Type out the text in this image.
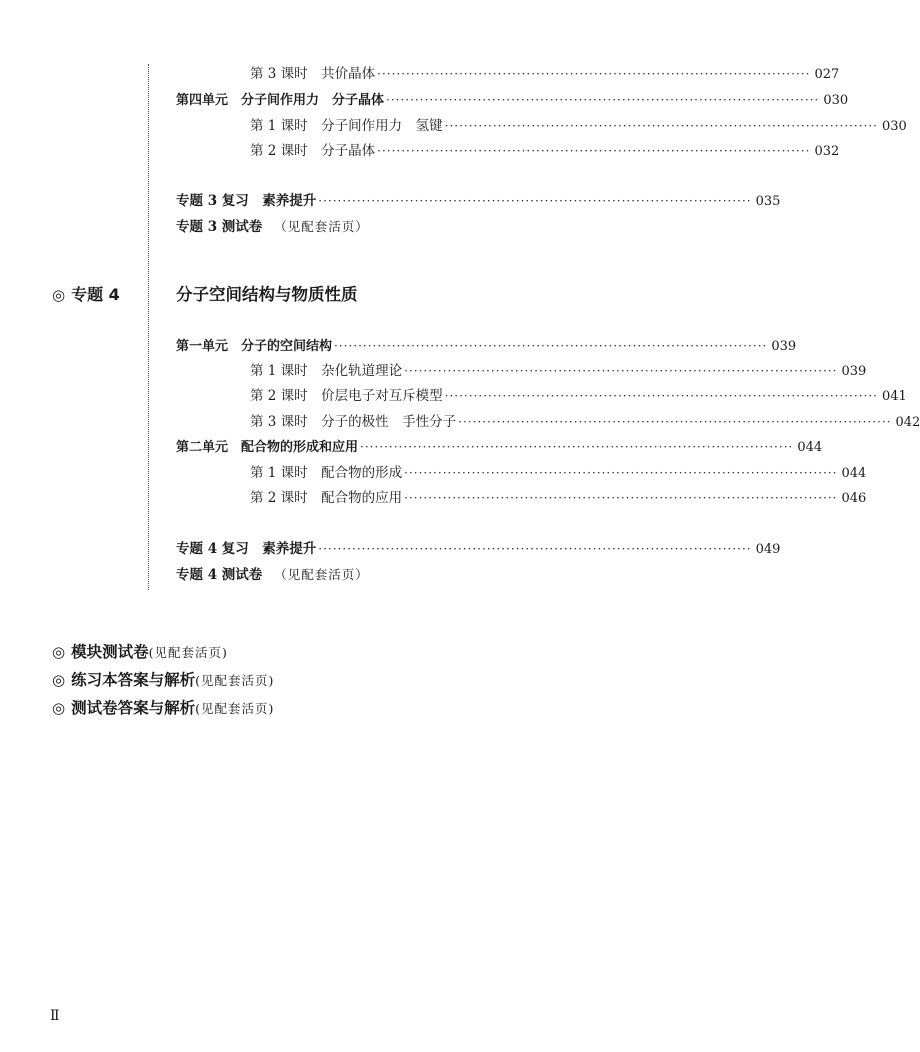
第 3 课时　共价晶体 ·························································································· 027
第四单元　分子间作用力　分子晶体 ·························································································· 030
第 1 课时　分子间作用力　氢键 ·························································································· 030
第 2 课时　分子晶体 ·························································································· 032
专题 3 复习　素养提升 ·························································································· 035
专题 3 测试卷 （见配套活页）
◎ 专题 4	分子空间结构与物质性质
第一单元　分子的空间结构 ·························································································· 039
第 1 课时　杂化轨道理论 ·························································································· 039
第 2 课时　价层电子对互斥模型 ·························································································· 041
第 3 课时　分子的极性　手性分子 ·························································································· 042
第二单元　配合物的形成和应用 ·························································································· 044
第 1 课时　配合物的形成 ·························································································· 044
第 2 课时　配合物的应用 ·························································································· 046
专题 4 复习　素养提升 ·························································································· 049
专题 4 测试卷 （见配套活页）
◎ 模块测试卷(见配套活页)
◎ 练习本答案与解析(见配套活页)
◎ 测试卷答案与解析(见配套活页)
Ⅱ
